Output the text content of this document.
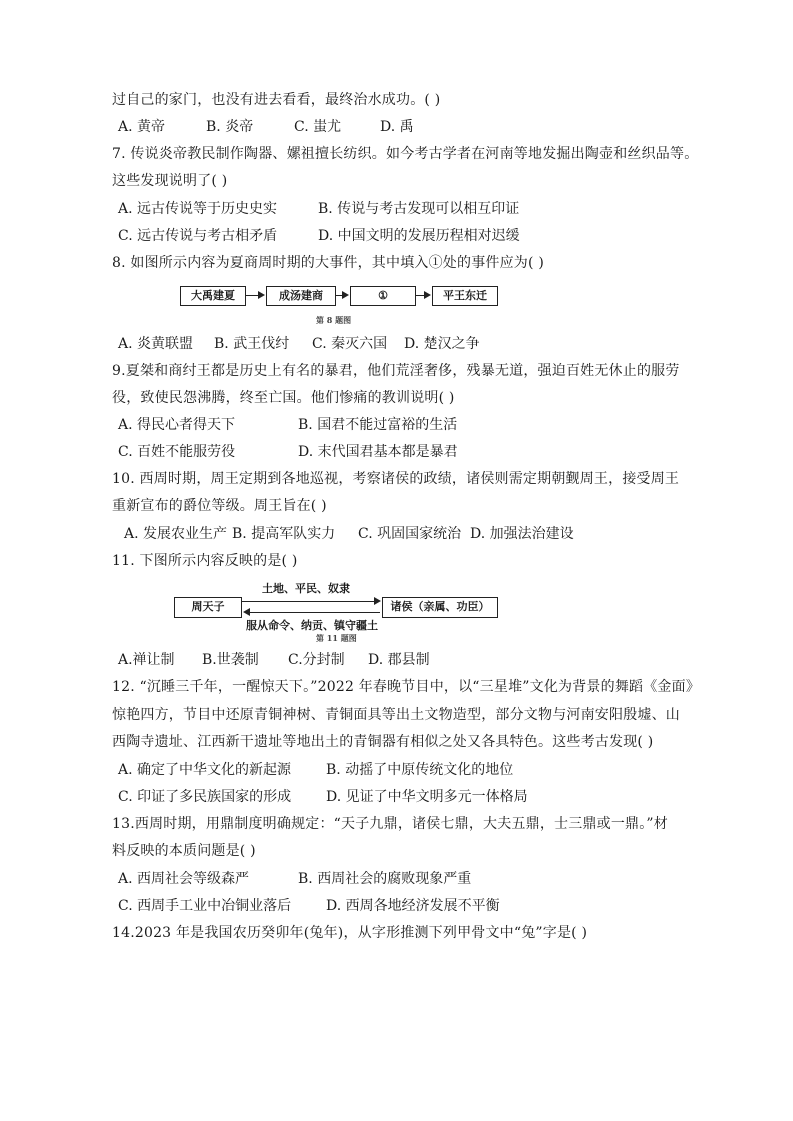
过自己的家门，也没有进去看看，最终治水成功。( )
A. 黄帝	B. 炎帝	C. 蚩尤	D. 禹
7. 传说炎帝教民制作陶器、嫘祖擅长纺织。如今考古学者在河南等地发掘出陶壶和丝织品等。
这些发现说明了( )
A. 远古传说等于历史史实	B. 传说与考古发现可以相互印证
C. 远古传说与考古相矛盾	D. 中国文明的发展历程相对迟缓
8. 如图所示内容为夏商周时期的大事件，其中填入①处的事件应为( )
大禹建夏	成汤建商	①	平王东迁
第 8 题图
A. 炎黄联盟 B. 武王伐纣 C. 秦灭六国 D. 楚汉之争
9.夏桀和商纣王都是历史上有名的暴君，他们荒淫奢侈，残暴无道，强迫百姓无休止的服劳
役，致使民怨沸腾，终至亡国。他们惨痛的教训说明( )
A. 得民心者得天下	B. 国君不能过富裕的生活
C. 百姓不能服劳役	D. 末代国君基本都是暴君
10. 西周时期，周王定期到各地巡视，考察诸侯的政绩，诸侯则需定期朝觐周王，接受周王
重新宣布的爵位等级。周王旨在( )
A. 发展农业生产 B. 提高军队实力 C. 巩固国家统治 D. 加强法治建设
11. 下图所示内容反映的是( )
土地、平民、奴隶
周天子	诸侯（亲属、功臣）
服从命令、纳贡、镇守疆土
第 11 题图
A.禅让制 B.世袭制 C.分封制 D. 郡县制
12. “沉睡三千年，一醒惊天下。”2022 年春晚节目中，以“三星堆”文化为背景的舞蹈《金面》
惊艳四方，节目中还原青铜神树、青铜面具等出土文物造型，部分文物与河南安阳殷墟、山
西陶寺遗址、江西新干遗址等地出土的青铜器有相似之处又各具特色。这些考古发现( )
A. 确定了中华文化的新起源 B. 动摇了中原传统文化的地位
C. 印证了多民族国家的形成 D. 见证了中华文明多元一体格局
13.西周时期，用鼎制度明确规定：“天子九鼎，诸侯七鼎，大夫五鼎，士三鼎或一鼎。”材
料反映的本质问题是( )
A. 西周社会等级森严	B. 西周社会的腐败现象严重
C. 西周手工业中冶铜业落后 D. 西周各地经济发展不平衡
14.2023 年是我国农历癸卯年(兔年)，从字形推测下列甲骨文中“兔”字是( )
